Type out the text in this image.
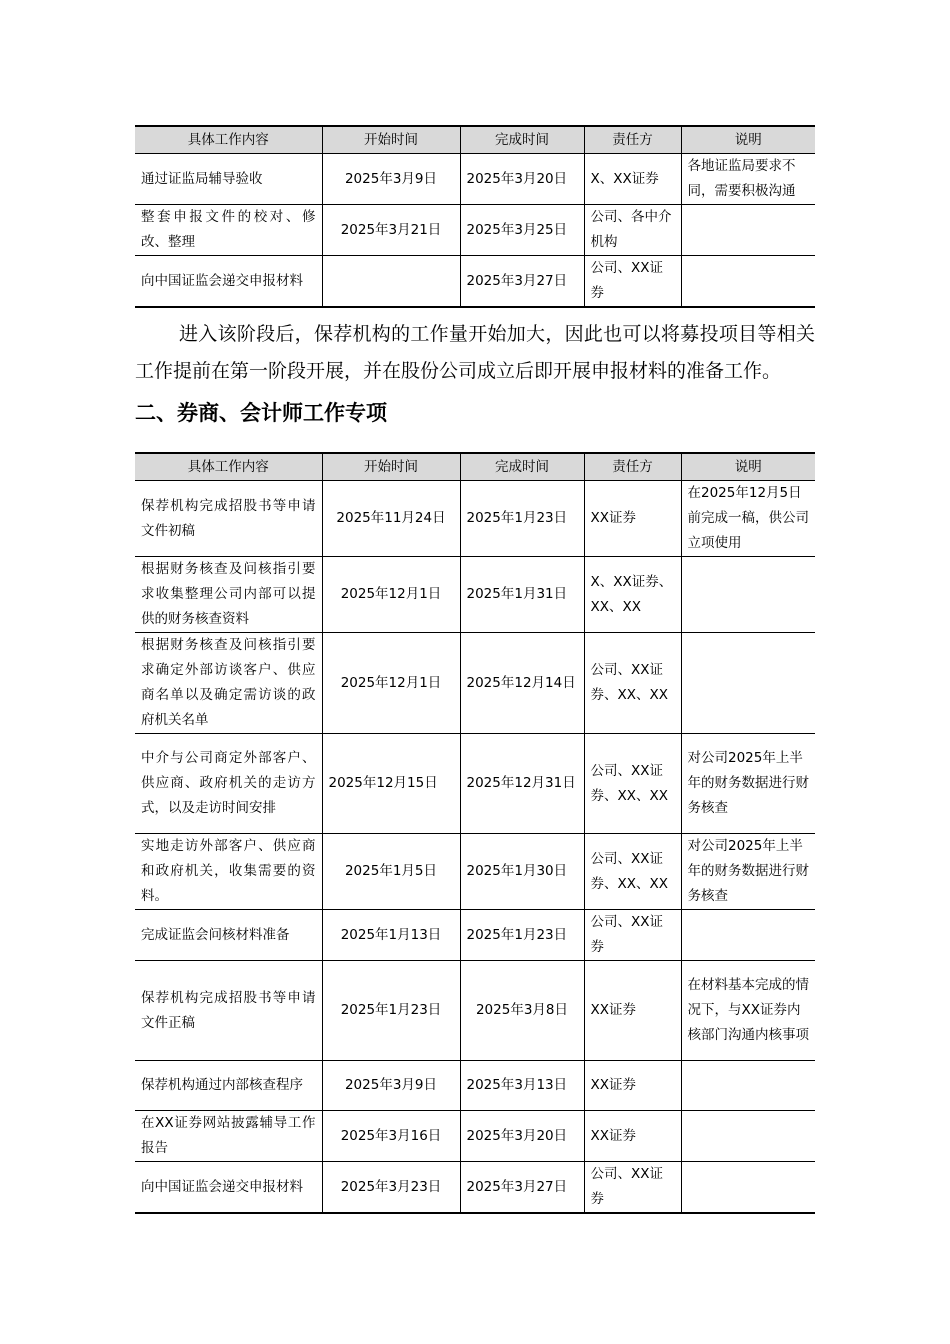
具体工作内容	开始时间	完成时间	责任方	说明
通过证监局辅导验收	2025年3月9日	2025年3月20日	X、XX证券	各地证监局要求不同，需要积极沟通
整套申报文件的校对、修改、整理	2025年3月21日	2025年3月25日	公司、各中介机构	
向中国证监会递交申报材料		2025年3月27日	公司、XX证券	

进入该阶段后，保荐机构的工作量开始加大，因此也可以将募投项目等相关工作提前在第一阶段开展，并在股份公司成立后即开展申报材料的准备工作。

二、券商、会计师工作专项
具体工作内容	开始时间	完成时间	责任方	说明
保荐机构完成招股书等申请文件初稿	2025年11月24日	2025年1月23日	XX证券	在2025年12月5日前完成一稿，供公司立项使用
根据财务核查及问核指引要求收集整理公司内部可以提供的财务核查资料	2025年12月1日	2025年1月31日	X、XX证券、XX、XX	
根据财务核查及问核指引要求确定外部访谈客户、供应商名单以及确定需访谈的政府机关名单	2025年12月1日	2025年12月14日	公司、XX证券、XX、XX	
中介与公司商定外部客户、供应商、政府机关的走访方式，以及走访时间安排	2025年12月15日	2025年12月31日	公司、XX证券、XX、XX	对公司2025年上半年的财务数据进行财务核查
实地走访外部客户、供应商和政府机关，收集需要的资料。	2025年1月5日	2025年1月30日	公司、XX证券、XX、XX	对公司2025年上半年的财务数据进行财务核查
完成证监会问核材料准备	2025年1月13日	2025年1月23日	公司、XX证券	
保荐机构完成招股书等申请文件正稿	2025年1月23日	2025年3月8日	XX证券	在材料基本完成的情况下，与XX证券内核部门沟通内核事项
保荐机构通过内部核查程序	2025年3月9日	2025年3月13日	XX证券	
在XX证券网站披露辅导工作报告	2025年3月16日	2025年3月20日	XX证券	
向中国证监会递交申报材料	2025年3月23日	2025年3月27日	公司、XX证券	
